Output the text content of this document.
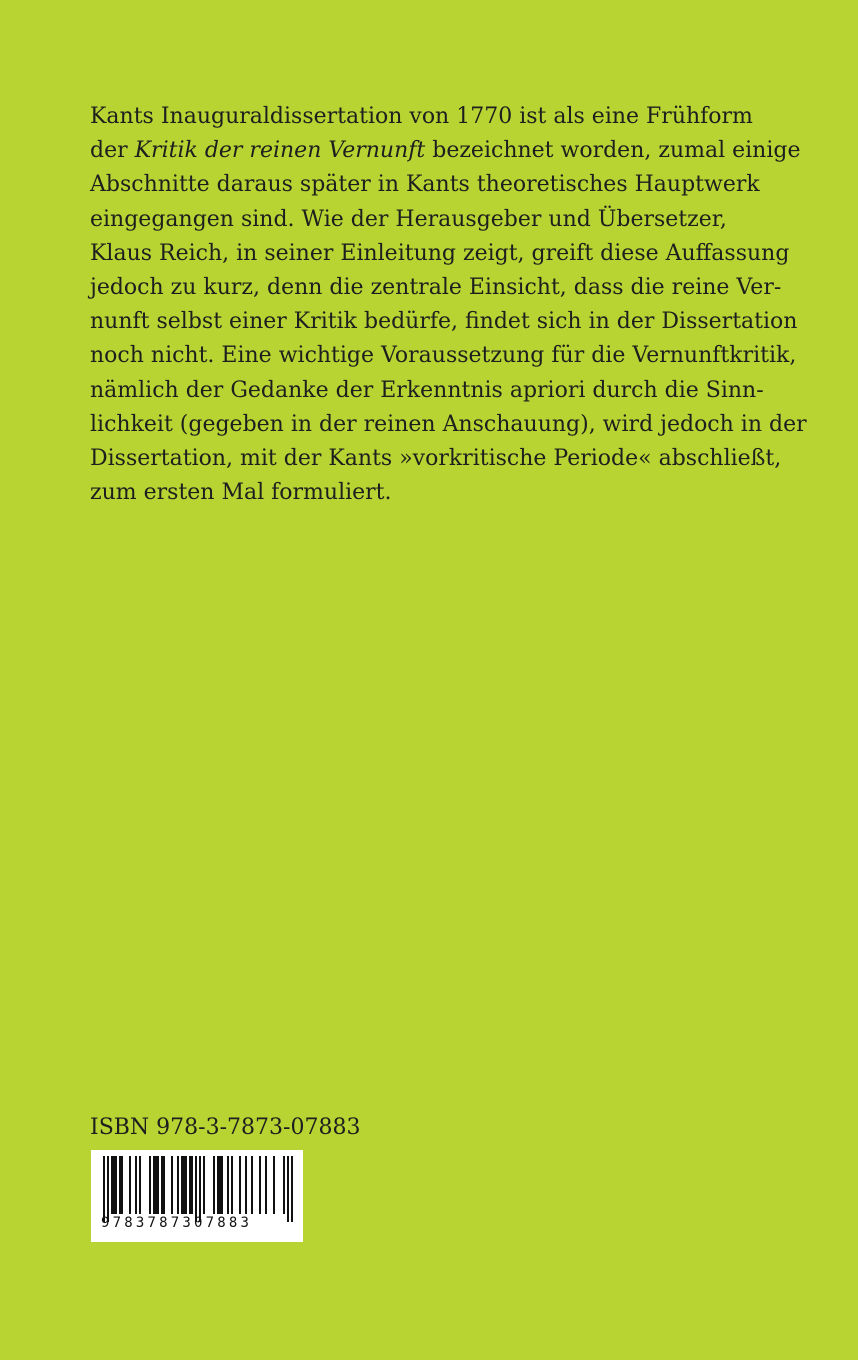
Kants Inauguraldissertation von 1770 ist als eine Frühform
der Kritik der reinen Vernunft bezeichnet worden, zumal einige
Abschnitte daraus später in Kants theoretisches Hauptwerk
eingegangen sind. Wie der Herausgeber und Übersetzer,
Klaus Reich, in seiner Einleitung zeigt, greift diese Auffassung
jedoch zu kurz, denn die zentrale Einsicht, dass die reine Ver-
nunft selbst einer Kritik bedürfe, findet sich in der Dissertation
noch nicht. Eine wichtige Voraussetzung für die Vernunftkritik,
nämlich der Gedanke der Erkenntnis apriori durch die Sinn-
lichkeit (gegeben in der reinen Anschauung), wird jedoch in der
Dissertation, mit der Kants »vorkritische Periode« abschließt,
zum ersten Mal formuliert.
ISBN 978-3-7873-07883
9783787307883
